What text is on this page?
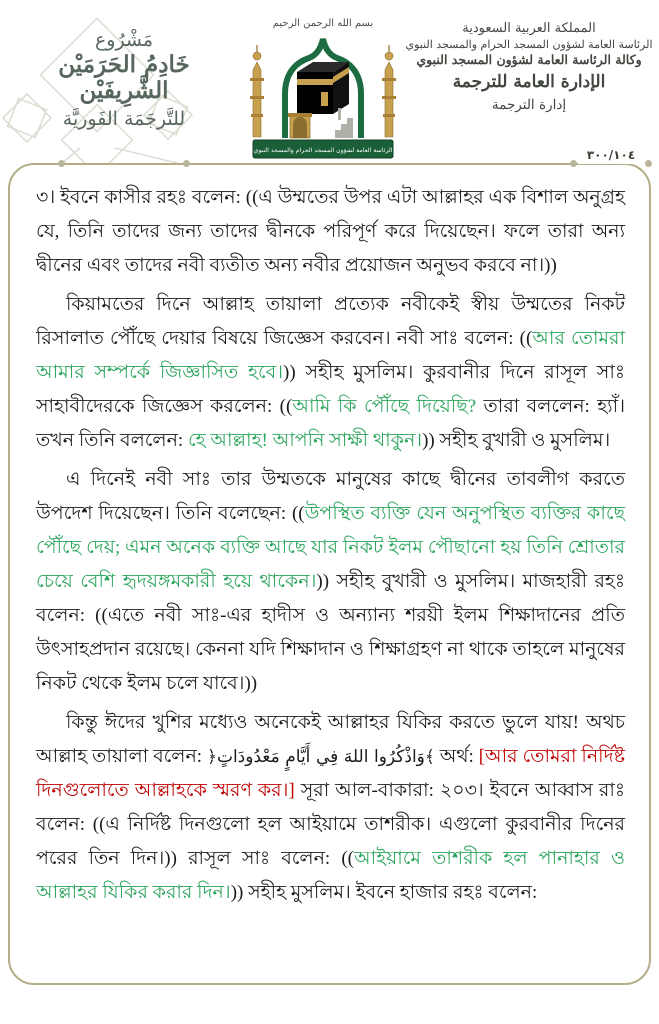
مَشْرُوع
خَادِمُ الحَرَمَيْن الشَّرِيفَيْن
للتَّرجَمَة الفَوريَّة
بسم الله الرحمن الرحيم
الرئاسة العامة لشؤون المسجد الحرام والمسجد النبوي
المملكة العربية السعودية
الرئاسة العامة لشؤون المسجد الحرام والمسجد النبوي
وكالة الرئاسة العامة لشؤون المسجد النبوي
الإدارة العامة للترجمة
إدارة الترجمة
٣٠٠/١٠٤

৩। ইবনে কাসীর রহঃ বলেন: ((এ উম্মতের উপর এটা আল্লাহর এক বিশাল অনুগ্রহ যে, তিনি তাদের জন্য তাদের দ্বীনকে পরিপূর্ণ করে দিয়েছেন। ফলে তারা অন্য দ্বীনের এবং তাদের নবী ব্যতীত অন্য নবীর প্রয়োজন অনুভব করবে না।))

কিয়ামতের দিনে আল্লাহ তায়ালা প্রত্যেক নবীকেই স্বীয় উম্মতের নিকট রিসালাত পৌঁছে দেয়ার বিষয়ে জিজ্ঞেস করবেন। নবী সাঃ বলেন: ((আর তোমরা আমার সম্পর্কে জিজ্ঞাসিত হবে।)) সহীহ মুসলিম। কুরবানীর দিনে রাসূল সাঃ সাহাবীদেরকে জিজ্ঞেস করলেন: ((আমি কি পৌঁছে দিয়েছি? তারা বললেন: হ্যাঁ। তখন তিনি বললেন: হে আল্লাহ! আপনি সাক্ষী থাকুন।)) সহীহ বুখারী ও মুসলিম।

এ দিনেই নবী সাঃ তার উম্মতকে মানুষের কাছে দ্বীনের তাবলীগ করতে উপদেশ দিয়েছেন। তিনি বলেছেন: ((উপস্থিত ব্যক্তি যেন অনুপস্থিত ব্যক্তির কাছে পৌঁছে দেয়; এমন অনেক ব্যক্তি আছে যার নিকট ইলম পৌছানো হয় তিনি শ্রোতার চেয়ে বেশি হৃদয়ঙ্গমকারী হয়ে থাকেন।)) সহীহ বুখারী ও মুসলিম। মাজহারী রহঃ বলেন: ((এতে নবী সাঃ-এর হাদীস ও অন্যান্য শরয়ী ইলম শিক্ষাদানের প্রতি উৎসাহপ্রদান রয়েছে। কেননা যদি শিক্ষাদান ও শিক্ষাগ্রহণ না থাকে তাহলে মানুষের নিকট থেকে ইলম চলে যাবে।))

কিন্তু ঈদের খুশির মধ্যেও অনেকেই আল্লাহর যিকির করতে ভুলে যায়! অথচ আল্লাহ তায়ালা বলেন: ﴿وَاذْكُرُوا اللهَ فِي أَيَّامٍ مَعْدُودَاتٍ﴾ অর্থ: [আর তোমরা নির্দিষ্ট দিনগুলোতে আল্লাহকে স্মরণ কর।] সূরা আল-বাকারা: ২০৩। ইবনে আব্বাস রাঃ বলেন: ((এ নির্দিষ্ট দিনগুলো হল আইয়ামে তাশরীক। এগুলো কুরবানীর দিনের পরের তিন দিন।)) রাসূল সাঃ বলেন: ((আইয়ামে তাশরীক হল পানাহার ও আল্লাহর যিকির করার দিন।)) সহীহ মুসলিম। ইবনে হাজার রহঃ বলেন:
